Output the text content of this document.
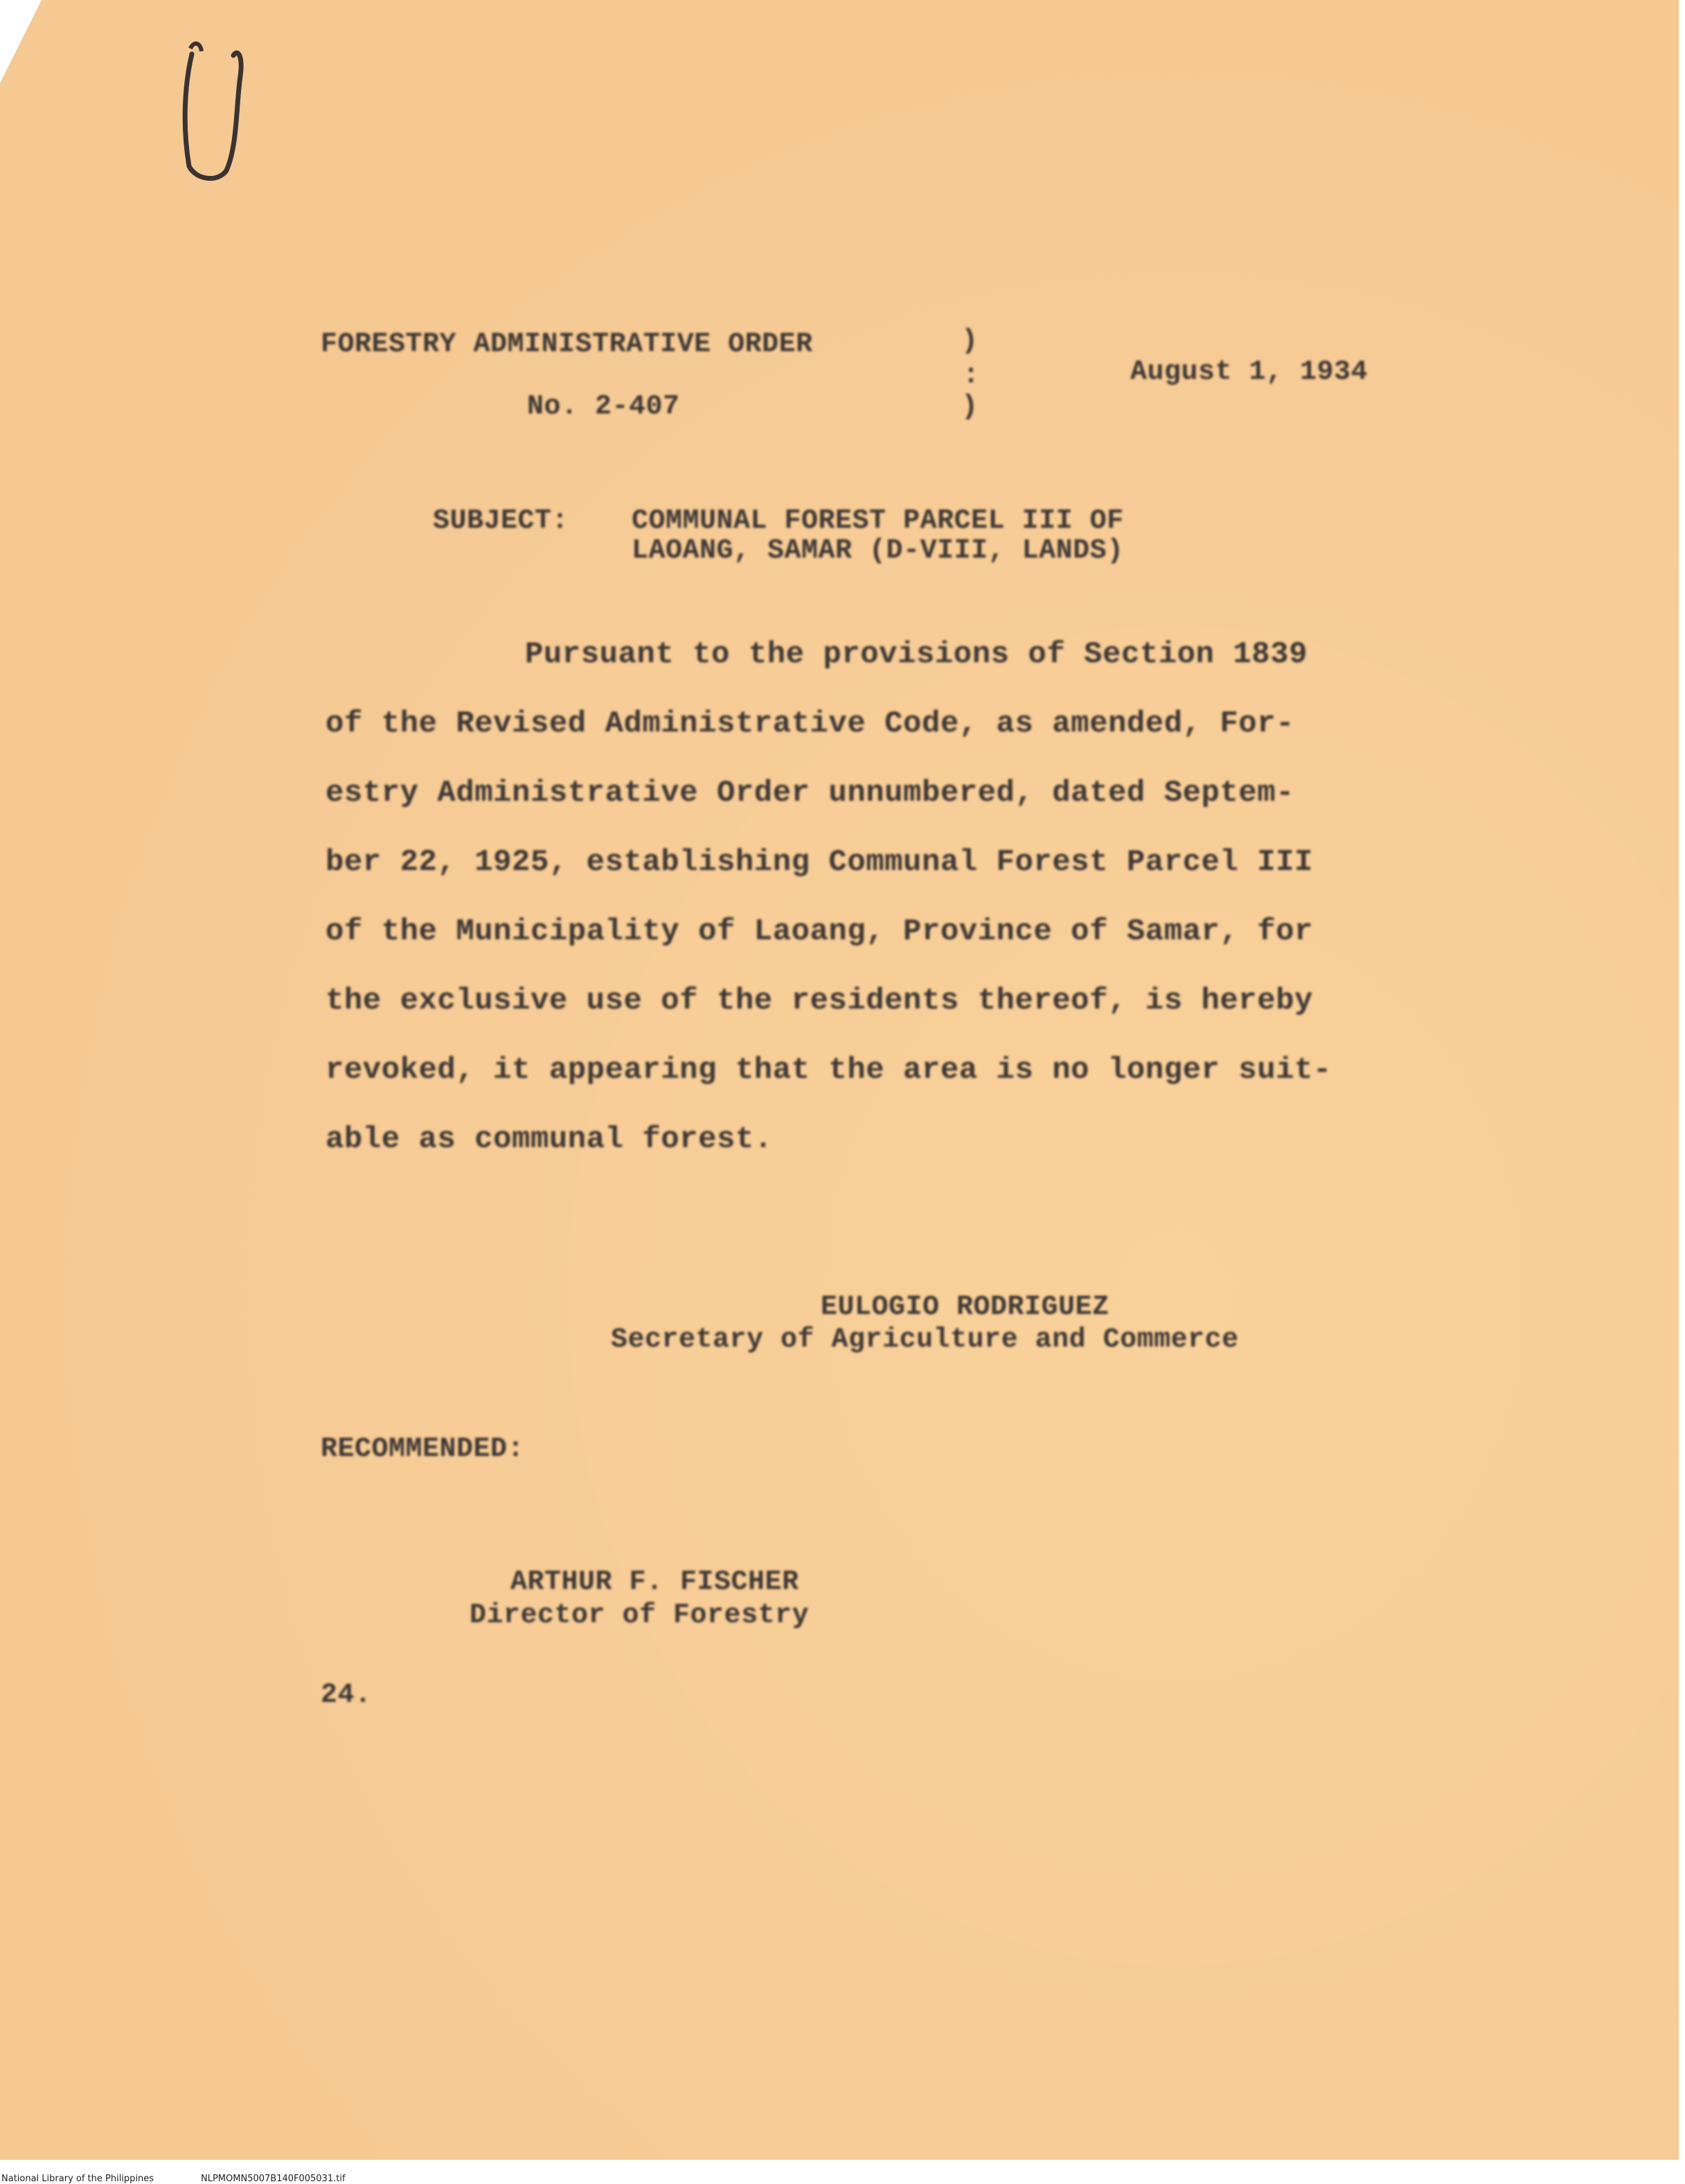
FORESTRY ADMINISTRATIVE ORDER
No. 2-407
)
:
)
August 1, 1934
SUBJECT: COMMUNAL FOREST PARCEL III OF
LAOANG, SAMAR (D-VIII, LANDS)
Pursuant to the provisions of Section 1839
of the Revised Administrative Code, as amended, For-
estry Administrative Order unnumbered, dated Septem-
ber 22, 1925, establishing Communal Forest Parcel III
of the Municipality of Laoang, Province of Samar, for
the exclusive use of the residents thereof, is hereby
revoked, it appearing that the area is no longer suit-
able as communal forest.
EULOGIO RODRIGUEZ
Secretary of Agriculture and Commerce
RECOMMENDED:
ARTHUR F. FISCHER
Director of Forestry
24.
National Library of the Philippines	NLPMOMN5007B140F005031.tif
